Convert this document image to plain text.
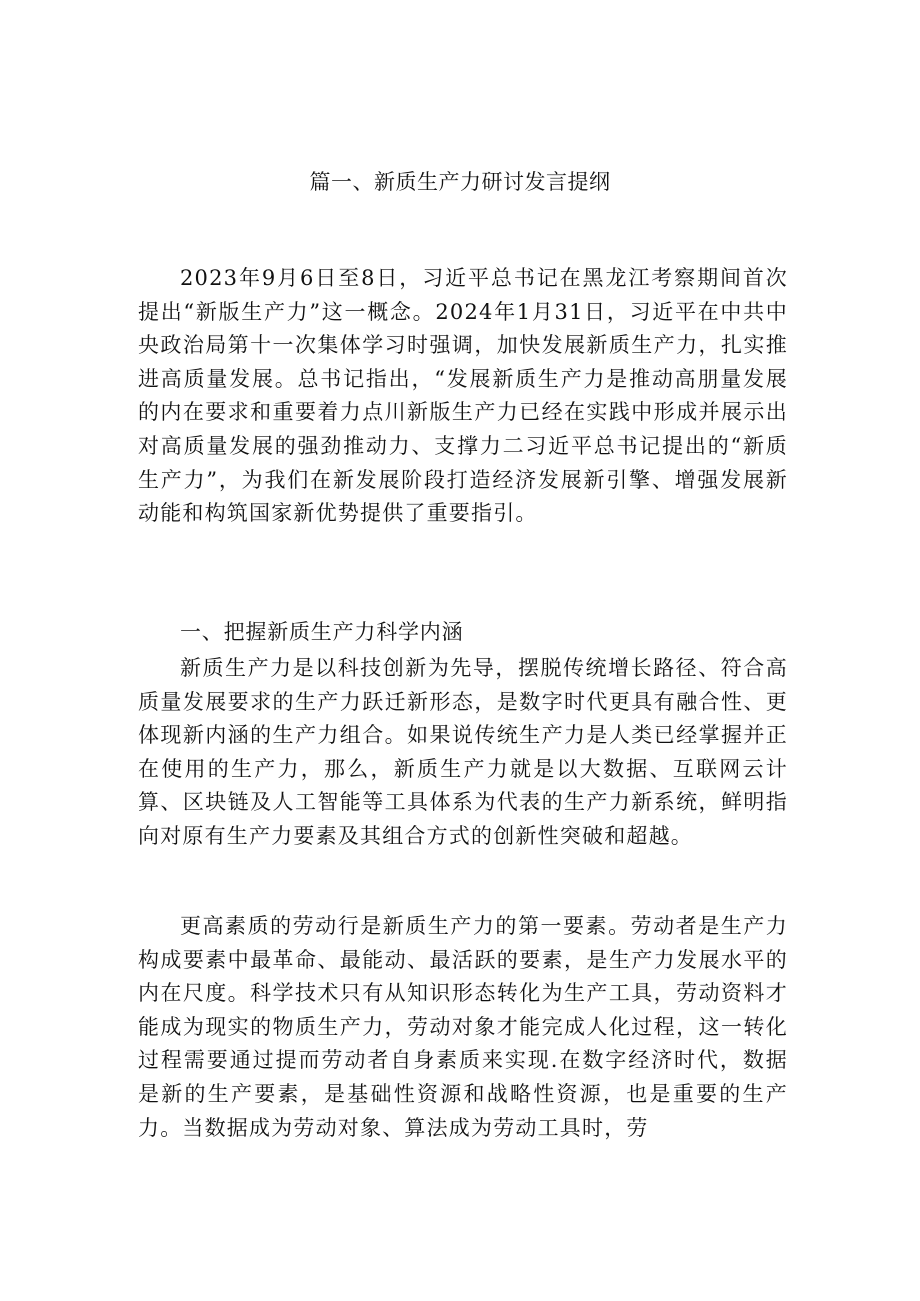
篇一、新质生产力研讨发言提纲

2023年9月6日至8日，习近平总书记在黑龙江考察期间首次提出“新版生产力”这一概念。2024年1月31日，习近平在中共中央政治局第十一次集体学习时强调，加快发展新质生产力，扎实推进高质量发展。总书记指出，“发展新质生产力是推动高朋量发展的内在要求和重要着力点川新版生产力已经在实践中形成并展示出对高质量发展的强劲推动力、支撑力二习近平总书记提出的“新质生产力”，为我们在新发展阶段打造经济发展新引擎、增强发展新动能和构筑国家新优势提供了重要指引。

一、把握新质生产力科学内涵

新质生产力是以科技创新为先导，摆脱传统增长路径、符合高质量发展要求的生产力跃迁新形态，是数字时代更具有融合性、更体现新内涵的生产力组合。如果说传统生产力是人类已经掌握并正在使用的生产力，那么，新质生产力就是以大数据、互联网云计算、区块链及人工智能等工具体系为代表的生产力新系统，鲜明指向对原有生产力要素及其组合方式的创新性突破和超越。

更高素质的劳动行是新质生产力的第一要素。劳动者是生产力构成要素中最革命、最能动、最活跃的要素，是生产力发展水平的内在尺度。科学技术只有从知识形态转化为生产工具，劳动资料才能成为现实的物质生产力，劳动对象才能完成人化过程，这一转化过程需要通过提而劳动者自身素质来实现.在数字经济时代，数据是新的生产要素，是基础性资源和战略性资源，也是重要的生产力。当数据成为劳动对象、算法成为劳动工具时，劳
